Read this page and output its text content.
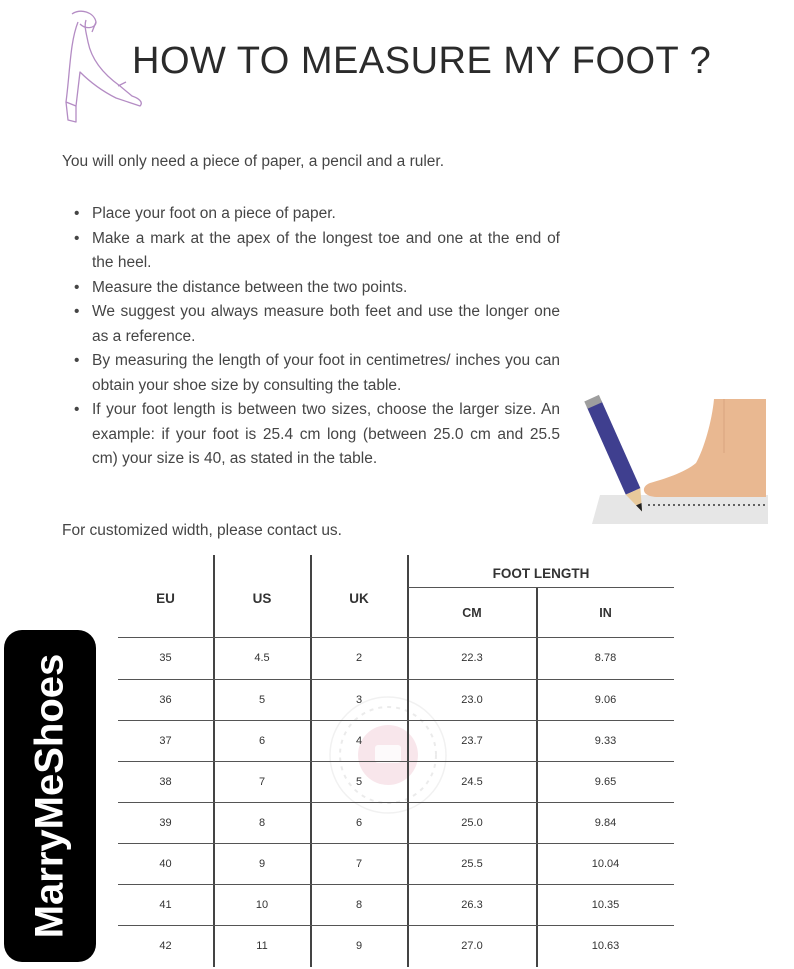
HOW TO MEASURE MY FOOT ?
You will only need a piece of paper, a pencil and a ruler.
• Place your foot on a piece of paper.
• Make a mark at the apex of the longest toe and one at the end of the heel.
• Measure the distance between the two points.
• We suggest you always measure both feet and use the longer one as a reference.
• By measuring the length of your foot in centimetres/ inches you can obtain your shoe size by consulting the table.
• If your foot length is between two sizes, choose the larger size. An example: if your foot is 25.4 cm long (between 25.0 cm and 25.5 cm) your size is 40, as stated in the table.
For customized width, please contact us.
EU	US	UK
FOOT LENGTH
CM	IN
35	4.5	2	22.3	8.78
36	5	3	23.0	9.06
37	6	4	23.7	9.33
38	7	5	24.5	9.65
39	8	6	25.0	9.84
40	9	7	25.5	10.04
41	10	8	26.3	10.35
42	11	9	27.0	10.63
MarryMeShoes
